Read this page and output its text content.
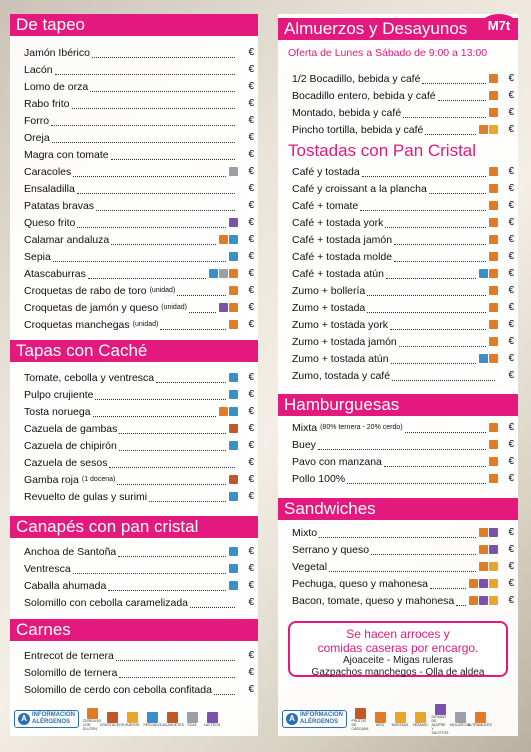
De tapeo
Jamón Ibérico	€
Lacón	€
Lomo de orza	€
Rabo frito	€
Forro	€
Oreja	€
Magra con tomate	€
Caracoles	€
Ensaladilla	€
Patatas bravas	€
Queso frito	€
Calamar andaluza	€
Sepia	€
Atascaburras	€
Croquetas de rabo de toro (unidad)	€
Croquetas de jamón y queso (unidad)	€
Croquetas manchegas (unidad)	€
Tapas con Caché
Tomate, cebolla y ventresca	€
Pulpo crujiente	€
Tosta noruega	€
Cazuela de gambas	€
Cazuela de chipirón	€
Cazuela de sesos	€
Gamba roja (1 docena)	€
Revuelto de gulas y surimi	€
Canapés con pan cristal
Anchoa de Santoña	€
Ventresca	€
Caballa ahumada	€
Solomillo con cebolla caramelizada	€
Carnes
Entrecot de ternera	€
Solomillo de ternera	€
Solomillo de cerdo con cebolla confitada	€
A INFORMACIÓN
ALÉRGENOS	CEREALES CON GLUTEN
CRUSTÁCEOS HUEVOS PESCADO CACAHUETES SOJA LÁCTEOS
Almuerzos y Desayunos	M7t
Oferta de Lunes a Sábado de 9:00 a 13:00
1/2 Bocadillo, bebida y café	€
Bocadillo entero, bebida y café	€
Montado, bebida y café	€
Pincho tortilla, bebida y café	€
Tostadas con Pan Cristal
Café y tostada	€
Café y croissant a la plancha	€
Café + tomate	€
Café + tostada york	€
Café + tostada jamón	€
Café + tostada molde	€
Café + tostada atún	€
Zumo + bollería	€
Zumo + tostada	€
Zumo + tostada york	€
Zumo + tostada jamón	€
Zumo + tostada atún	€
Zumo, tostada y café	€
Hamburguesas
Mixta (80% ternera - 20% cerdo)	€
Buey	€
Pavo con manzana	€
Pollo 100%	€
Sandwiches
Mixto	€
Serrano y queso	€
Vegetal	€
Pechuga, queso y mahonesa	€
Bacon, tomate, queso y mahonesa	€
Se hacen arroces y
comidas caseras por encargo.
Ajoaceite - Migas ruleras
Gazpachos manchegos - Olla de aldea
A INFORMACIÓN
ALÉRGENOS	FRUTOS DE CÁSCARA
APIO MOSTAZA SÉSAMO
DIÓXIDO DE AZUFRE Y SULFITOS
MOLUSCOS
ALTRAMUCES
